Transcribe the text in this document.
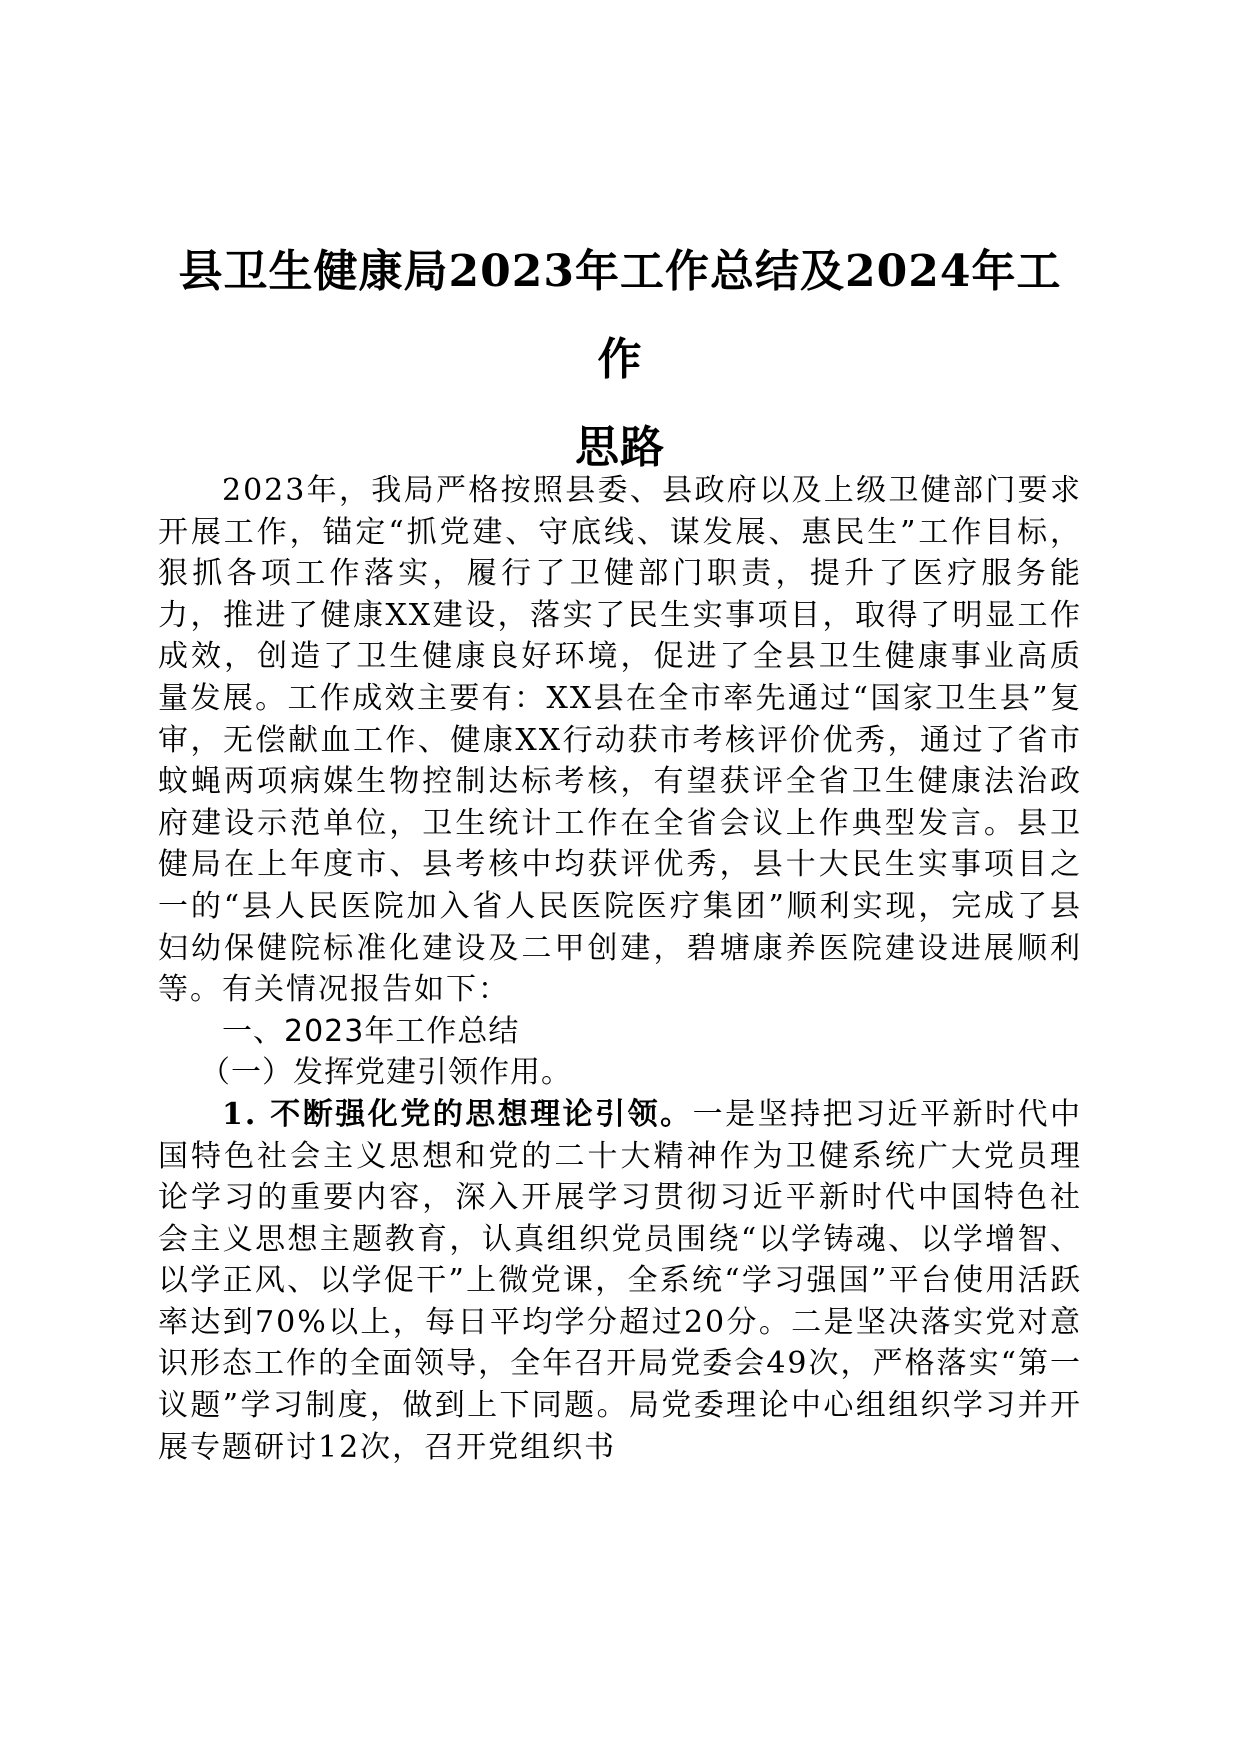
县卫生健康局2023年工作总结及2024年工作
思路

2023年，我局严格按照县委、县政府以及上级卫健部门要求开展工作，锚定“抓党建、守底线、谋发展、惠民生”工作目标，狠抓各项工作落实，履行了卫健部门职责，提升了医疗服务能力，推进了健康XX建设，落实了民生实事项目，取得了明显工作成效，创造了卫生健康良好环境，促进了全县卫生健康事业高质量发展。工作成效主要有：XX县在全市率先通过“国家卫生县”复审，无偿献血工作、健康XX行动获市考核评价优秀，通过了省市蚊蝇两项病媒生物控制达标考核，有望获评全省卫生健康法治政府建设示范单位，卫生统计工作在全省会议上作典型发言。县卫健局在上年度市、县考核中均获评优秀，县十大民生实事项目之一的“县人民医院加入省人民医院医疗集团”顺利实现，完成了县妇幼保健院标准化建设及二甲创建，碧塘康养医院建设进展顺利等。有关情况报告如下：

一、2023年工作总结

（一）发挥党建引领作用。

1. 不断强化党的思想理论引领。一是坚持把习近平新时代中国特色社会主义思想和党的二十大精神作为卫健系统广大党员理论学习的重要内容，深入开展学习贯彻习近平新时代中国特色社会主义思想主题教育，认真组织党员围绕“以学铸魂、以学增智、以学正风、以学促干”上微党课，全系统“学习强国”平台使用活跃率达到70%以上，每日平均学分超过20分。二是坚决落实党对意识形态工作的全面领导，全年召开局党委会49次，严格落实“第一议题”学习制度，做到上下同题。局党委理论中心组组织学习并开展专题研讨12次，召开党组织书
